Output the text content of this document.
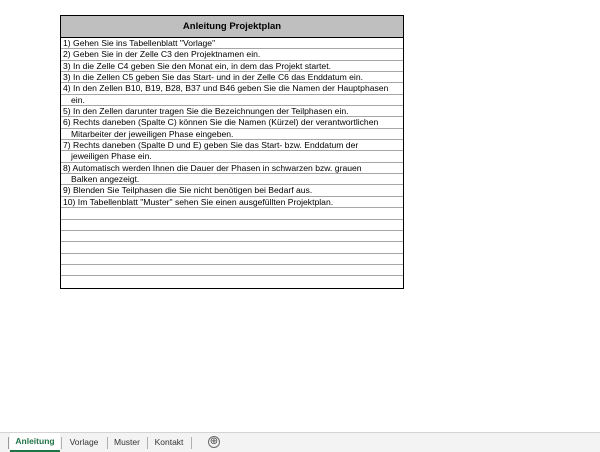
Anleitung Projektplan
1) Gehen Sie ins Tabellenblatt "Vorlage"
2) Geben Sie in der Zelle C3 den Projektnamen ein.
3) In die Zelle C4 geben Sie den Monat ein, in dem das Projekt startet.
3) In die Zellen C5 geben Sie das Start- und in der Zelle C6 das Enddatum ein.
4) In den Zellen B10, B19, B28, B37 und B46 geben Sie die Namen der Hauptphasen
ein.
5) In den Zellen darunter tragen Sie die Bezeichnungen der Teilphasen ein.
6) Rechts daneben (Spalte C) können Sie die Namen (Kürzel) der verantwortlichen
Mitarbeiter der jeweiligen Phase eingeben.
7) Rechts daneben (Spalte D und E) geben Sie das Start- bzw. Enddatum der
jeweiligen Phase ein.
8) Automatisch werden Ihnen die Dauer der Phasen in schwarzen bzw. grauen
Balken angezeigt.
9) Blenden Sie Teilphasen die Sie nicht benötigen bei Bedarf aus.
10) Im Tabellenblatt "Muster" sehen Sie einen ausgefüllten Projektplan.
Anleitung	Vorlage	Muster	Kontakt	⊕
